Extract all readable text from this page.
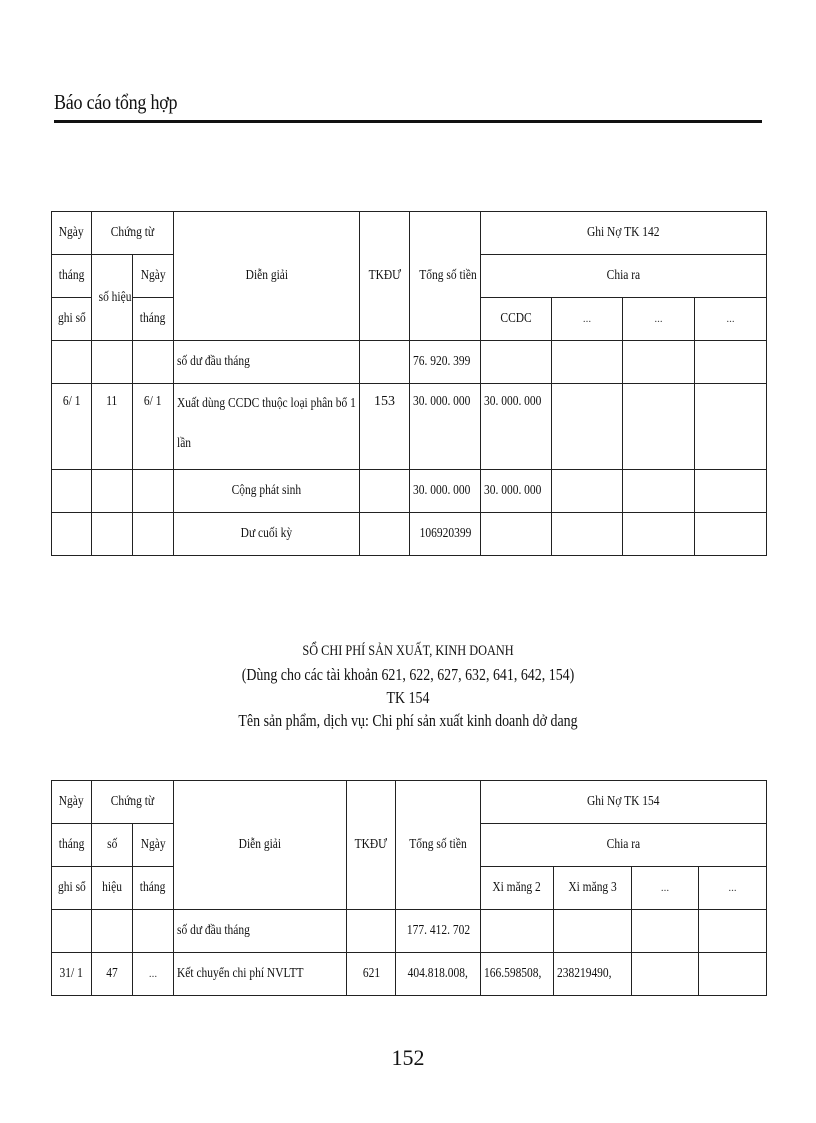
Báo cáo tổng hợp
Ngày	Chứng từ		Diễn giải	TKĐƯ	Tổng số tiền	Ghi Nợ TK 142			
tháng	số hiệu	Ngày				Chia ra			
ghi sổ		tháng				CCDC	...	...	...
			số dư đầu tháng		76. 920. 399				
6/ 1	11	6/ 1	Xuất dùng CCDC thuộc loại phân bổ 1 lần	153	30. 000. 000	30. 000. 000			
			Cộng phát sinh		30. 000. 000	30. 000. 000			
			Dư cuối kỳ		106920399				
SỔ CHI PHÍ SẢN XUẤT, KINH DOANH
(Dùng cho các tài khoản 621, 622, 627, 632, 641, 642, 154)
TK 154
Tên sản phẩm, dịch vụ: Chi phí sản xuất kinh doanh dở dang
Ngày	Chứng từ		Diễn giải	TKĐƯ	Tổng số tiền	Ghi Nợ TK 154			
tháng	số	Ngày				Chia ra			
ghi sổ	hiệu	tháng				Xi măng 2	Xi măng 3	...	...
			số dư đầu tháng		177. 412. 702				
31/ 1	47	...	Kết chuyển chi phí NVLTT	621	404.818.008,	166.598508,	238219490,		
152
